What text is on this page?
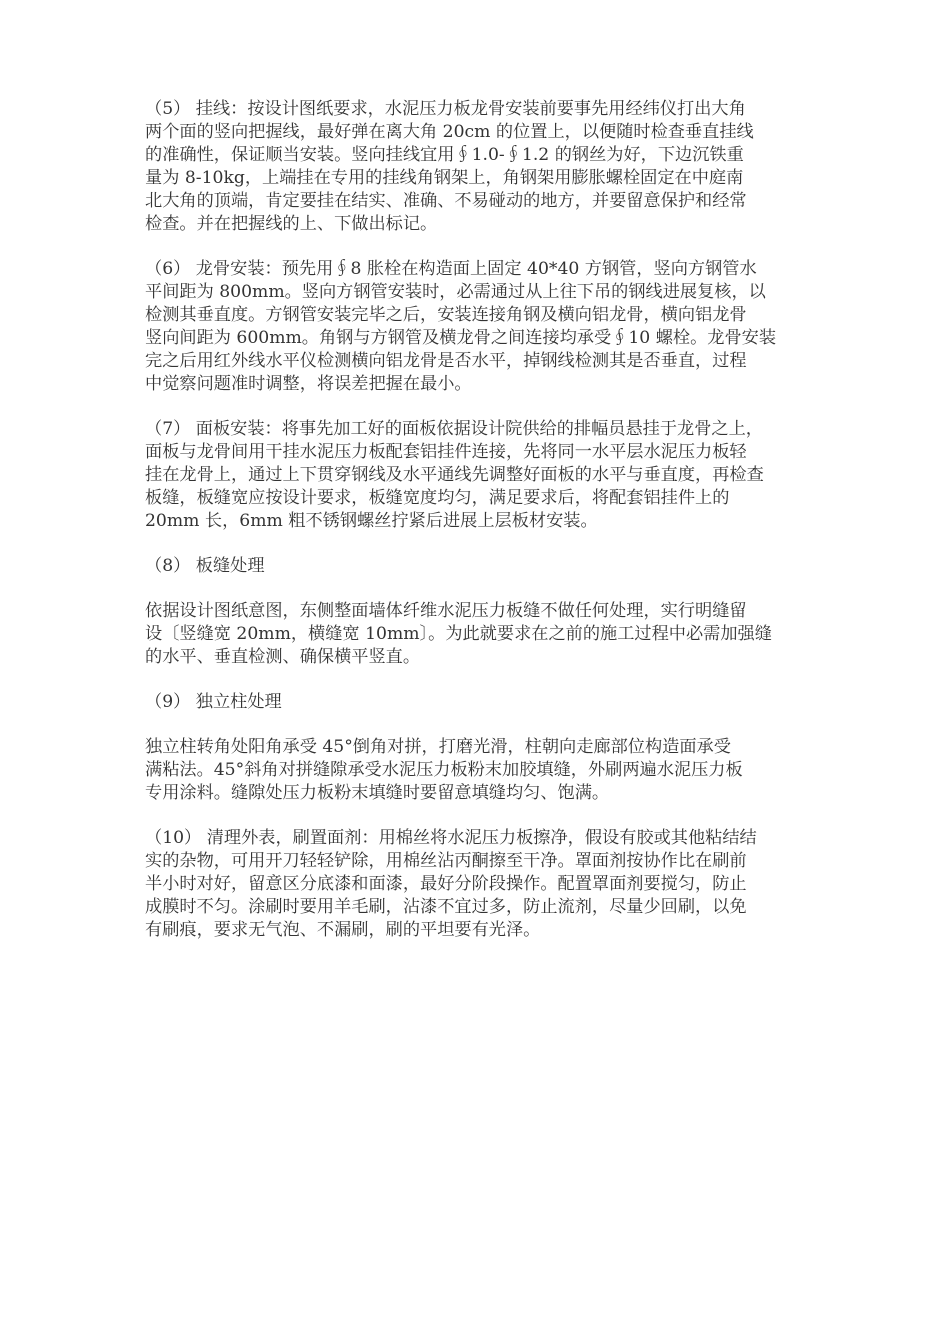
（5） 挂线：按设计图纸要求，水泥压力板龙骨安装前要事先用经纬仪打出大角
两个面的竖向把握线，最好弹在离大角 20cm 的位置上，以便随时检查垂直挂线
的准确性，保证顺当安装。竖向挂线宜用∮1.0-∮1.2 的钢丝为好，下边沉铁重
量为 8-10kg，上端挂在专用的挂线角钢架上，角钢架用膨胀螺栓固定在中庭南
北大角的顶端，肯定要挂在结实、准确、不易碰动的地方，并要留意保护和经常
检查。并在把握线的上、下做出标记。
（6） 龙骨安装：预先用∮8 胀栓在构造面上固定 40*40 方钢管，竖向方钢管水
平间距为 800mm。竖向方钢管安装时，必需通过从上往下吊的钢线进展复核，以
检测其垂直度。方钢管安装完毕之后，安装连接角钢及横向铝龙骨，横向铝龙骨
竖向间距为 600mm。角钢与方钢管及横龙骨之间连接均承受∮10 螺栓。龙骨安装
完之后用红外线水平仪检测横向铝龙骨是否水平，掉钢线检测其是否垂直，过程
中觉察问题准时调整，将误差把握在最小。
（7） 面板安装：将事先加工好的面板依据设计院供给的排幅员悬挂于龙骨之上，
面板与龙骨间用干挂水泥压力板配套铝挂件连接，先将同一水平层水泥压力板轻
挂在龙骨上，通过上下贯穿钢线及水平通线先调整好面板的水平与垂直度，再检查
板缝，板缝宽应按设计要求，板缝宽度均匀，满足要求后，将配套铝挂件上的
20mm 长，6mm 粗不锈钢螺丝拧紧后进展上层板材安装。
（8） 板缝处理
依据设计图纸意图，东侧整面墙体纤维水泥压力板缝不做任何处理，实行明缝留
设〔竖缝宽 20mm，横缝宽 10mm〕。为此就要求在之前的施工过程中必需加强缝
的水平、垂直检测、确保横平竖直。
（9） 独立柱处理
独立柱转角处阳角承受 45°倒角对拼，打磨光滑，柱朝向走廊部位构造面承受
满粘法。45°斜角对拼缝隙承受水泥压力板粉末加胶填缝，外刷两遍水泥压力板
专用涂料。缝隙处压力板粉末填缝时要留意填缝均匀、饱满。
（10） 清理外表，刷置面剂：用棉丝将水泥压力板擦净，假设有胶或其他粘结结
实的杂物，可用开刀轻轻铲除，用棉丝沾丙酮擦至干净。罩面剂按协作比在刷前
半小时对好，留意区分底漆和面漆，最好分阶段操作。配置罩面剂要搅匀，防止
成膜时不匀。涂刷时要用羊毛刷，沾漆不宜过多，防止流剂，尽量少回刷，以免
有刷痕，要求无气泡、不漏刷，刷的平坦要有光泽。
